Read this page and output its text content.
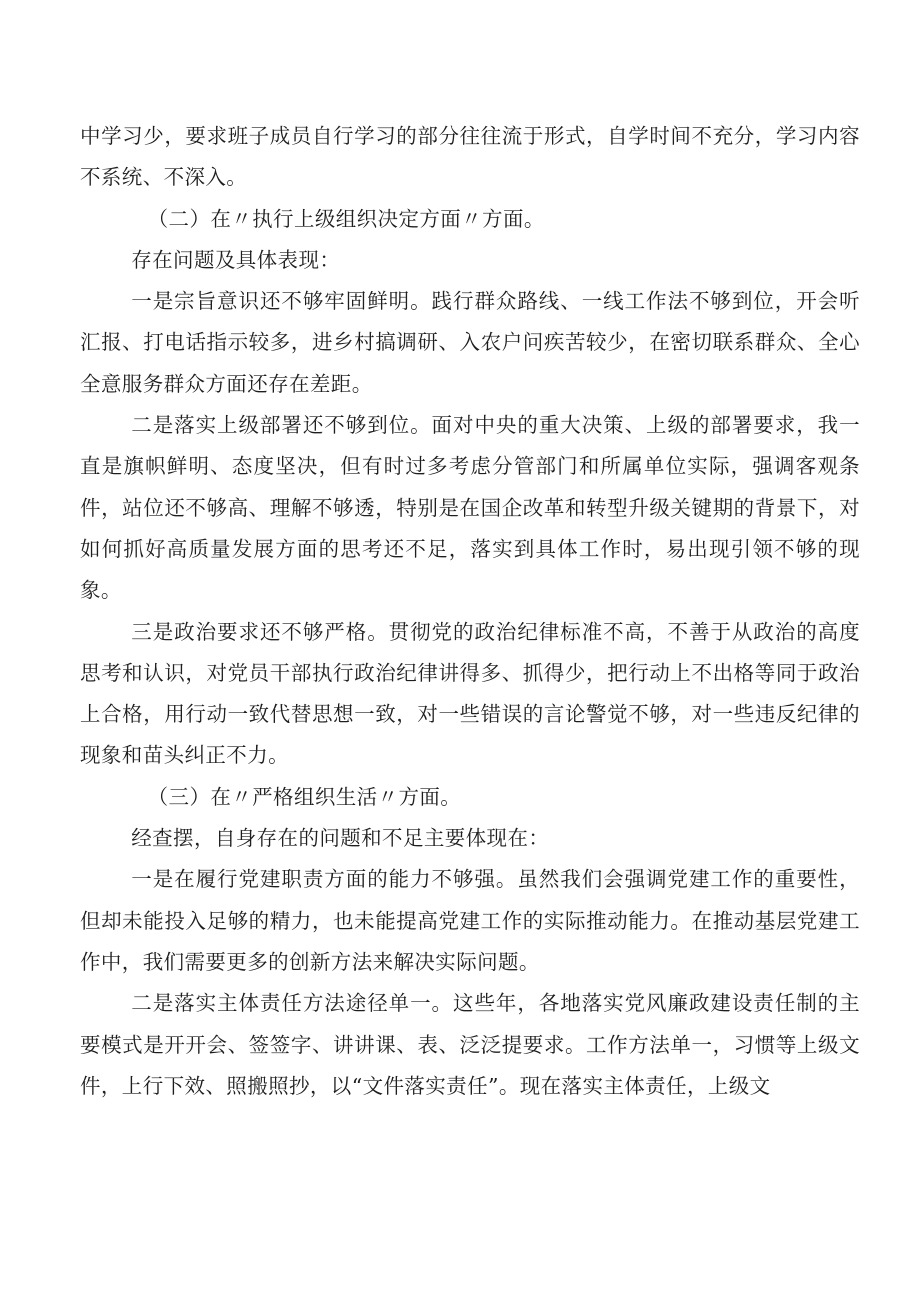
中学习少，要求班子成员自行学习的部分往往流于形式，自学时间不充分，学习内容不系统、不深入。

（二）在〃执行上级组织决定方面〃方面。

存在问题及具体表现：

一是宗旨意识还不够牢固鲜明。践行群众路线、一线工作法不够到位，开会听汇报、打电话指示较多，进乡村搞调研、入农户问疾苦较少，在密切联系群众、全心全意服务群众方面还存在差距。

二是落实上级部署还不够到位。面对中央的重大决策、上级的部署要求，我一直是旗帜鲜明、态度坚决，但有时过多考虑分管部门和所属单位实际，强调客观条件，站位还不够高、理解不够透，特别是在国企改革和转型升级关键期的背景下，对如何抓好高质量发展方面的思考还不足，落实到具体工作时，易出现引领不够的现象。

三是政治要求还不够严格。贯彻党的政治纪律标准不高，不善于从政治的高度思考和认识，对党员干部执行政治纪律讲得多、抓得少，把行动上不出格等同于政治上合格，用行动一致代替思想一致，对一些错误的言论警觉不够，对一些违反纪律的现象和苗头纠正不力。

（三）在〃严格组织生活〃方面。

经查摆，自身存在的问题和不足主要体现在：

一是在履行党建职责方面的能力不够强。虽然我们会强调党建工作的重要性，但却未能投入足够的精力，也未能提高党建工作的实际推动能力。在推动基层党建工作中，我们需要更多的创新方法来解决实际问题。

二是落实主体责任方法途径单一。这些年，各地落实党风廉政建设责任制的主要模式是开开会、签签字、讲讲课、表、泛泛提要求。工作方法单一，习惯等上级文件，上行下效、照搬照抄，以“文件落实责任”。现在落实主体责任，上级文
